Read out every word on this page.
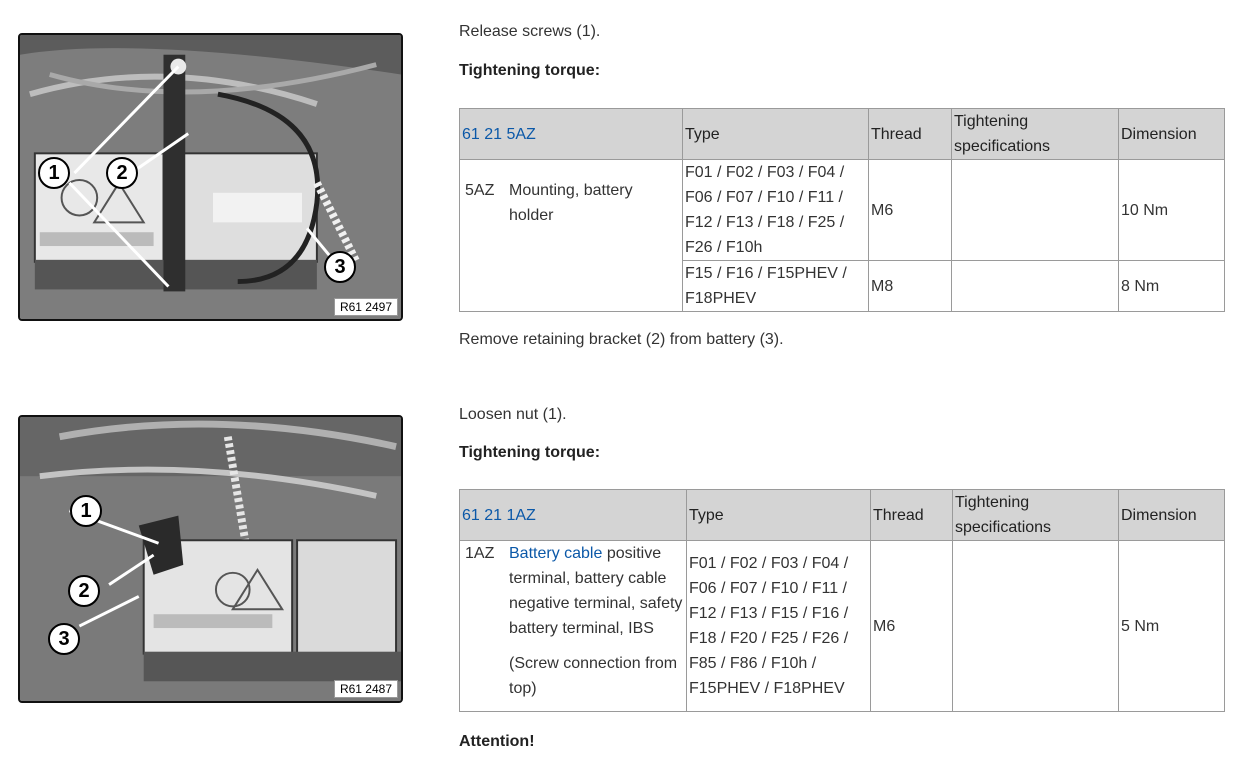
1	2
3
R61 2497

Release screws (1).

Tightening torque:

61 21 5AZ	Type	Thread	Tightening specifications	Dimension

5AZ Mounting, battery holder	F01 / F02 / F03 / F04 / F06 / F07 / F10 / F11 / F12 / F13 / F18 / F25 / F26 / F10h	M6		10 Nm
	F15 / F16 / F15PHEV / F18PHEV	M8		8 Nm

Remove retaining bracket (2) from battery (3).

1
2
3
R61 2487

Loosen nut (1).

Tightening torque:

61 21 1AZ	Type	Thread	Tightening specifications	Dimension

1AZ Battery cable positive terminal, battery cable negative terminal, safety battery terminal, IBS
(Screw connection from top)	F01 / F02 / F03 / F04 / F06 / F07 / F10 / F11 / F12 / F13 / F15 / F16 / F18 / F20 / F25 / F26 / F85 / F86 / F10h / F15PHEV / F18PHEV	M6		5 Nm

Attention!
